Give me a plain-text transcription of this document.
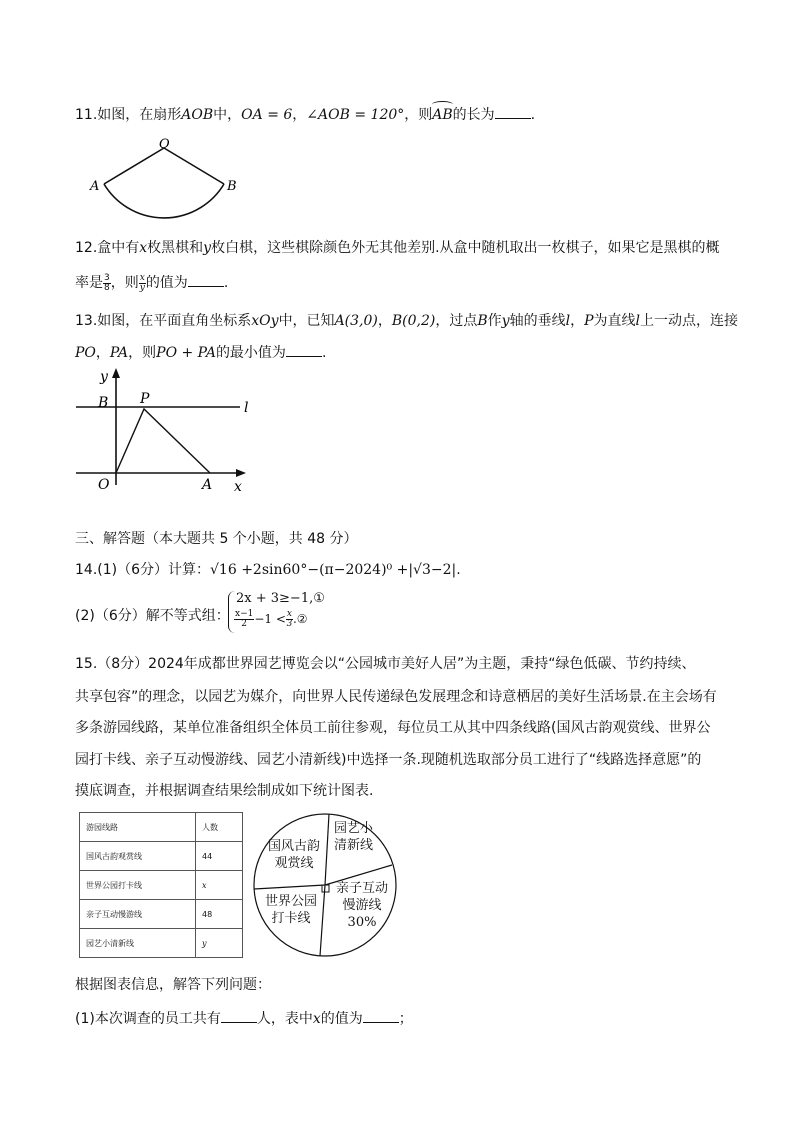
11.如图，在扇形AOB中，OA = 6，∠AOB = 120°，则AB
的长为	.
O
A	B
12.盒中有x枚黑棋和y枚白棋，这些棋除颜色外无其他差别.从盒中随机取出一枚棋子，如果它是黑棋的概
率是 $\frac{3}{8}$ ，则 $\frac{x}{y}$ 的值为	.
13.如图，在平面直角坐标系xOy中，已知A(3,0)，B(0,2)，过点B作y轴的垂线l，P为直线l上一动点，连接
PO，PA，则PO + PA的最小值为	.
y
B P
l
O	A x
三、解答题（本大题共 5 个小题，共 48 分）
14.(1)（6分）计算：√16 +2sin60°−(π−2024)⁰ +|√3−2|.
(2)（6分）解不等式组：
2x + 3≥−1,①
$\frac{x-1}{2} -1 < \frac{x}{3}$ .②
15.（8分）2024年成都世界园艺博览会以“公园城市美好人居”为主题，秉持“绿色低碳、节约持续、
共享包容”的理念，以园艺为媒介，向世界人民传递绿色发展理念和诗意栖居的美好生活场景.在主会场有
多条游园线路，某单位准备组织全体员工前往参观，每位员工从其中四条线路(国风古韵观赏线、世界公
园打卡线、亲子互动慢游线、园艺小清新线)中选择一条.现随机选取部分员工进行了“线路选择意愿”的
摸底调查，并根据调查结果绘制成如下统计图表.
游园线路	人数
国风古韵观赏线	44
世界公园打卡线	x
亲子互动慢游线	48
园艺小清新线	y
国风古韵
观赏线
园艺小
清新线
亲子互动
慢游线
30%
世界公园
打卡线
根据图表信息，解答下列问题：
(1)本次调查的员工共有	人，表中x的值为	；
